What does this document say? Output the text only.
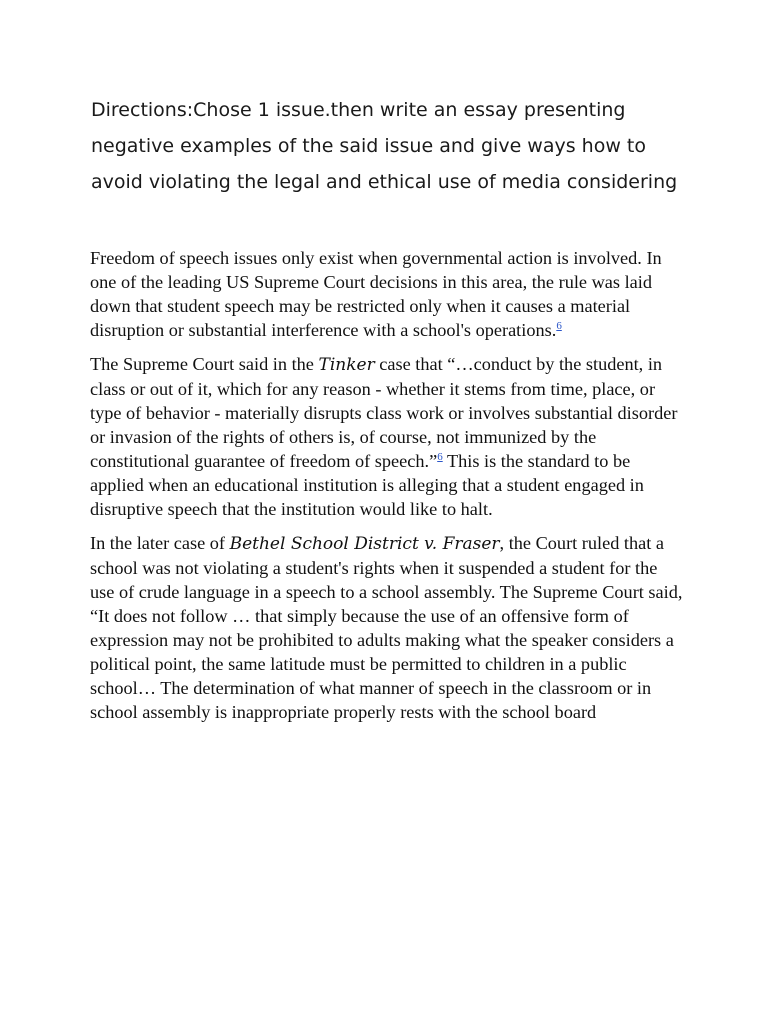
Directions:Chose 1 issue.then write an essay presenting negative examples of the said issue and give ways how to avoid violating the legal and ethical use of media considering

Freedom of speech issues only exist when governmental action is involved. In one of the leading US Supreme Court decisions in this area, the rule was laid down that student speech may be restricted only when it causes a material disruption or substantial interference with a school's operations.$^6$

The Supreme Court said in the Tinker case that “…conduct by the student, in class or out of it, which for any reason - whether it stems from time, place, or type of behavior - materially disrupts class work or involves substantial disorder or invasion of the rights of others is, of course, not immunized by the constitutional guarantee of freedom of speech.”$^6$ This is the standard to be applied when an educational institution is alleging that a student engaged in disruptive speech that the institution would like to halt.

In the later case of Bethel School District v. Fraser, the Court ruled that a school was not violating a student's rights when it suspended a student for the use of crude language in a speech to a school assembly. The Supreme Court said, “It does not follow … that simply because the use of an offensive form of expression may not be prohibited to adults making what the speaker considers a political point, the same latitude must be permitted to children in a public school… The determination of what manner of speech in the classroom or in school assembly is inappropriate properly rests with the school board
